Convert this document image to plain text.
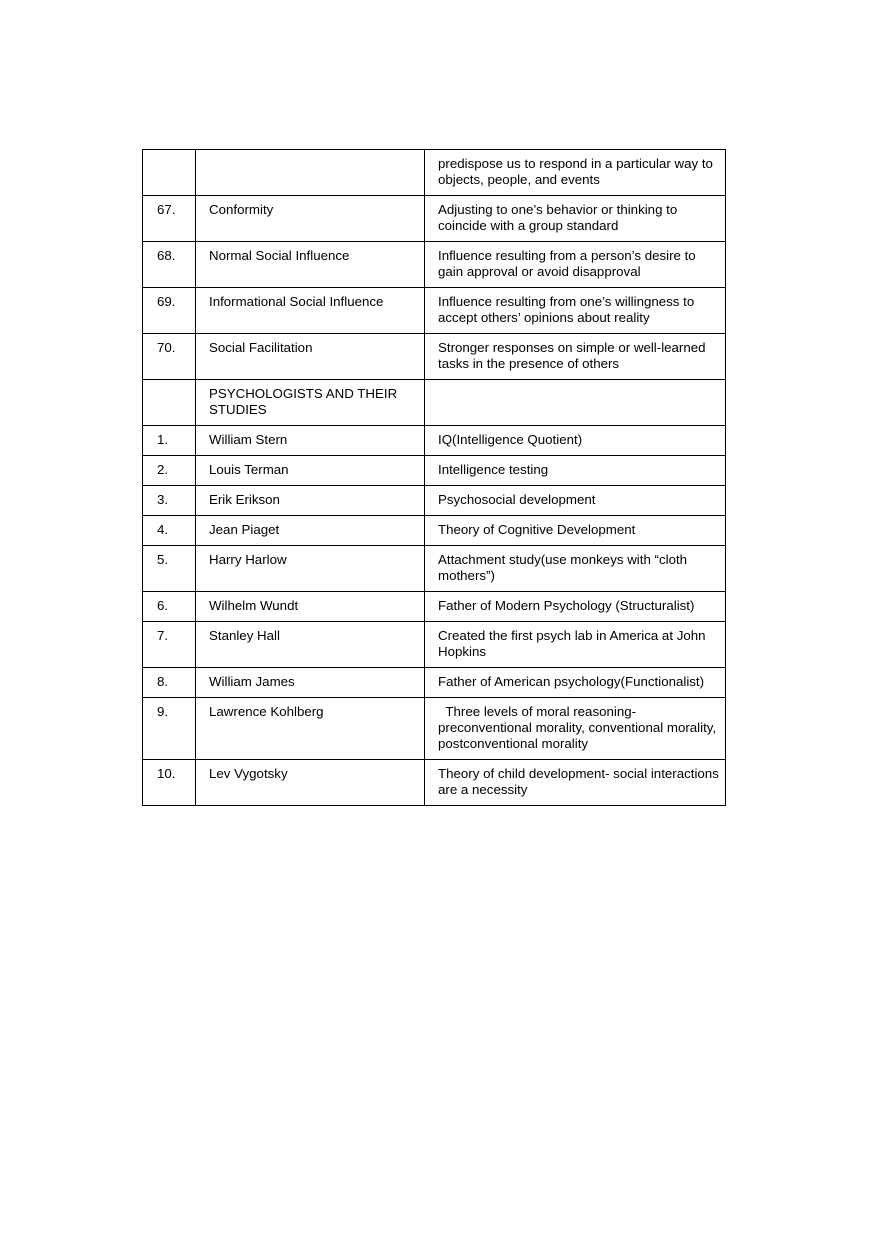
		predispose us to respond in a particular way to objects, people, and events
67.	Conformity	Adjusting to one’s behavior or thinking to coincide with a group standard
68.	Normal Social Influence	Influence resulting from a person’s desire to gain approval or avoid disapproval
69.	Informational Social Influence	Influence resulting from one’s willingness to accept others’ opinions about reality
70.	Social Facilitation	Stronger responses on simple or well-learned tasks in the presence of others
	PSYCHOLOGISTS AND THEIR STUDIES	
1.	William Stern	IQ(Intelligence Quotient)
2.	Louis Terman	Intelligence testing
3.	Erik Erikson	Psychosocial development
4.	Jean Piaget	Theory of Cognitive Development
5.	Harry Harlow	Attachment study(use monkeys with “cloth mothers”)
6.	Wilhelm Wundt	Father of Modern Psychology (Structuralist)
7.	Stanley Hall	Created the first psych lab in America at John Hopkins
8.	William James	Father of American psychology(Functionalist)
9.	Lawrence Kohlberg	Three levels of moral reasoning- preconventional morality, conventional morality, postconventional morality
10.	Lev Vygotsky	Theory of child development- social interactions are a necessity
